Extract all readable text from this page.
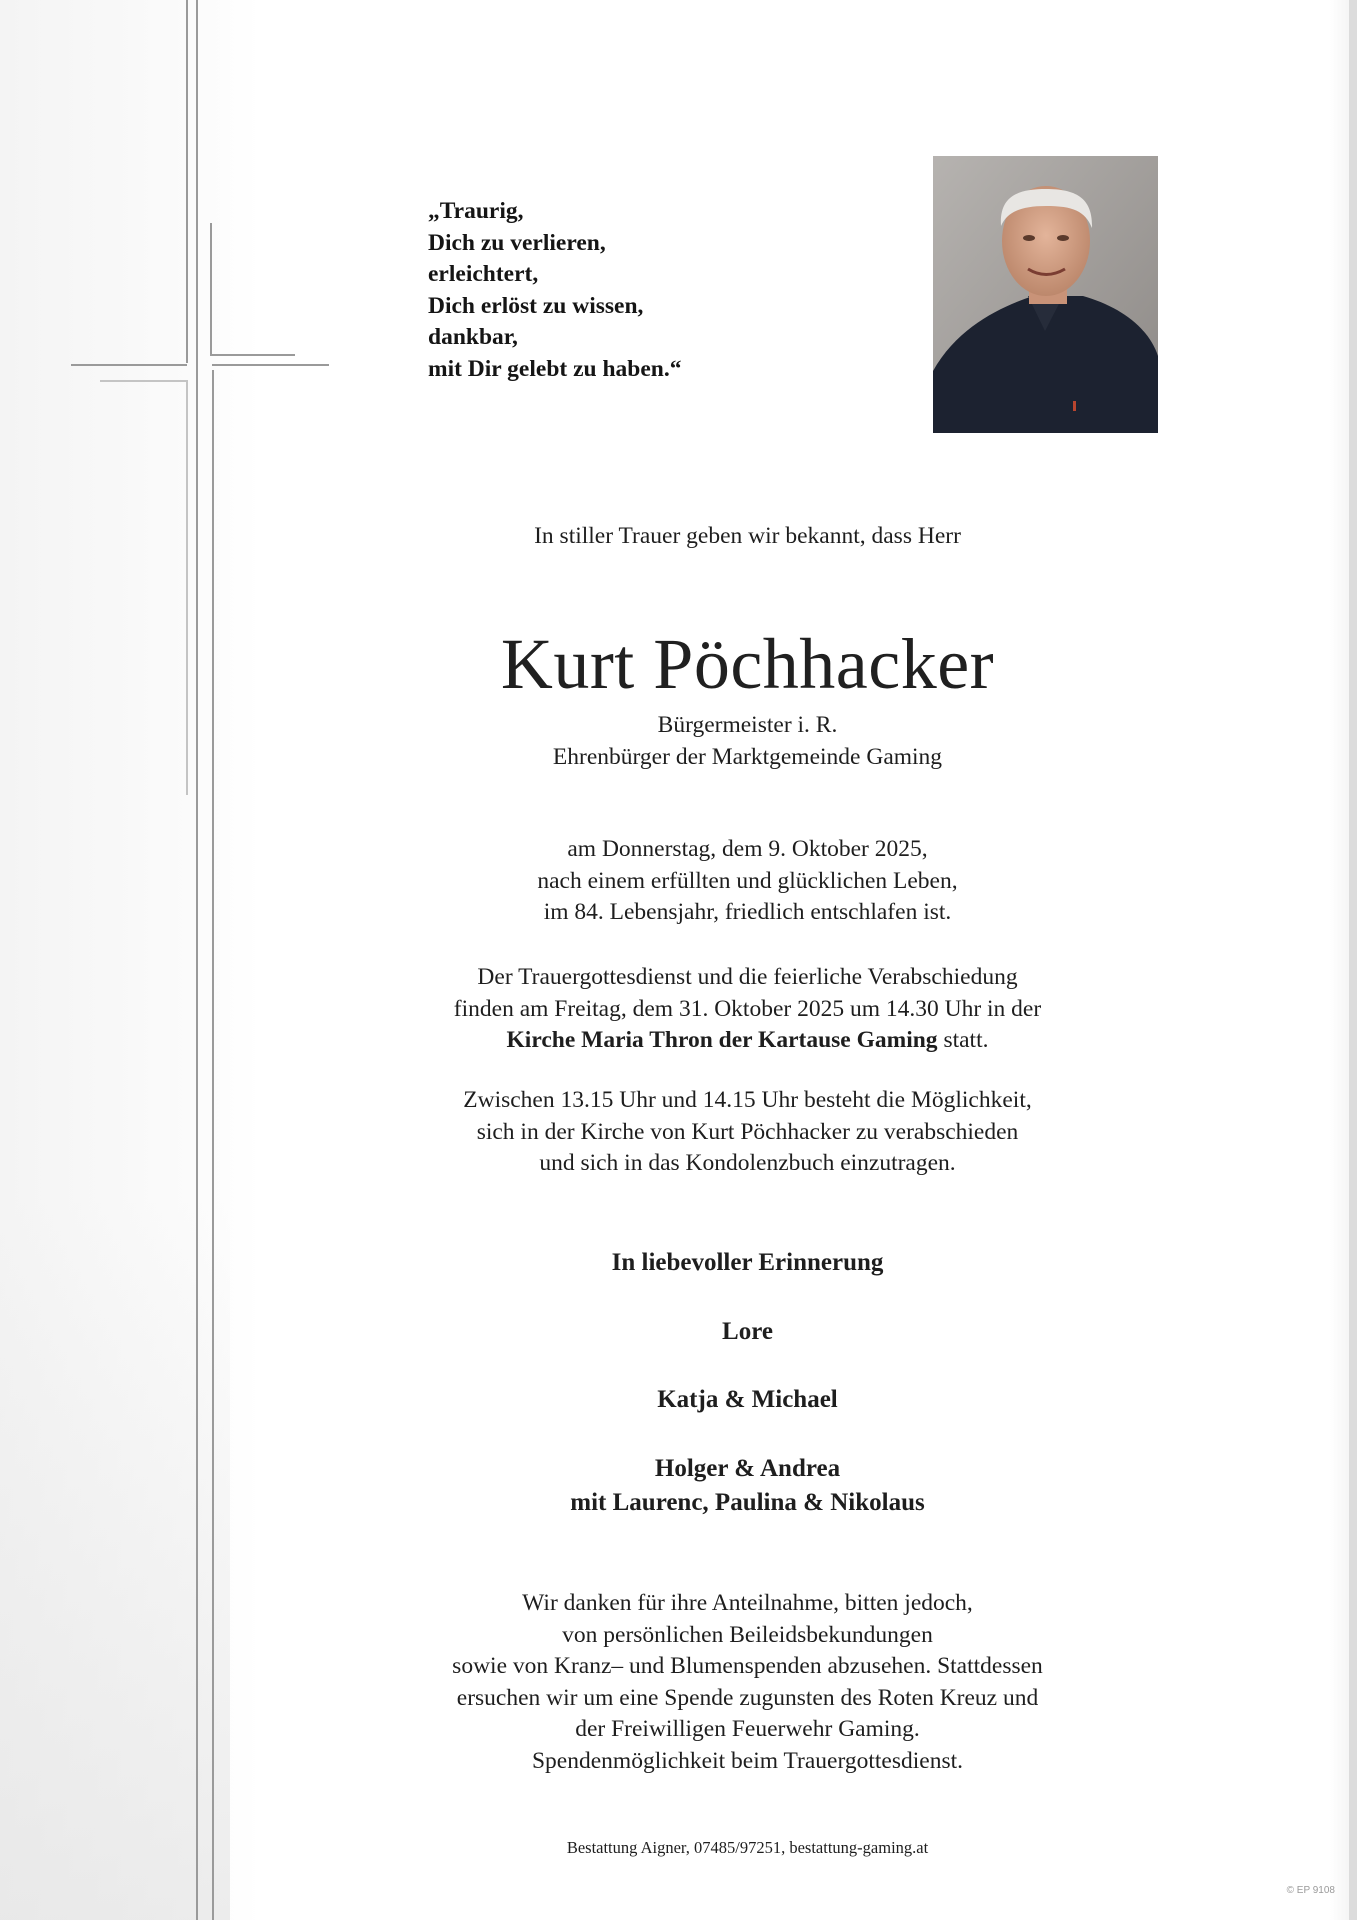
„Traurig,
Dich zu verlieren,
erleichtert,
Dich erlöst zu wissen,
dankbar,
mit Dir gelebt zu haben.“
In stiller Trauer geben wir bekannt, dass Herr
Kurt Pöchhacker
Bürgermeister i. R.
Ehrenbürger der Marktgemeinde Gaming
am Donnerstag, dem 9. Oktober 2025,
nach einem erfüllten und glücklichen Leben,
im 84. Lebensjahr, friedlich entschlafen ist.
Der Trauergottesdienst und die feierliche Verabschiedung
finden am Freitag, dem 31. Oktober 2025 um 14.30 Uhr in der
Kirche Maria Thron der Kartause Gaming statt.
Zwischen 13.15 Uhr und 14.15 Uhr besteht die Möglichkeit,
sich in der Kirche von Kurt Pöchhacker zu verabschieden
und sich in das Kondolenzbuch einzutragen.
In liebevoller Erinnerung
Lore
Katja & Michael
Holger & Andrea
mit Laurenc, Paulina & Nikolaus
Wir danken für ihre Anteilnahme, bitten jedoch,
von persönlichen Beileidsbekundungen
sowie von Kranz– und Blumenspenden abzusehen. Stattdessen
ersuchen wir um eine Spende zugunsten des Roten Kreuz und
der Freiwilligen Feuerwehr Gaming.
Spendenmöglichkeit beim Trauergottesdienst.
Bestattung Aigner, 07485/97251, bestattung-gaming.at
© EP 9108
